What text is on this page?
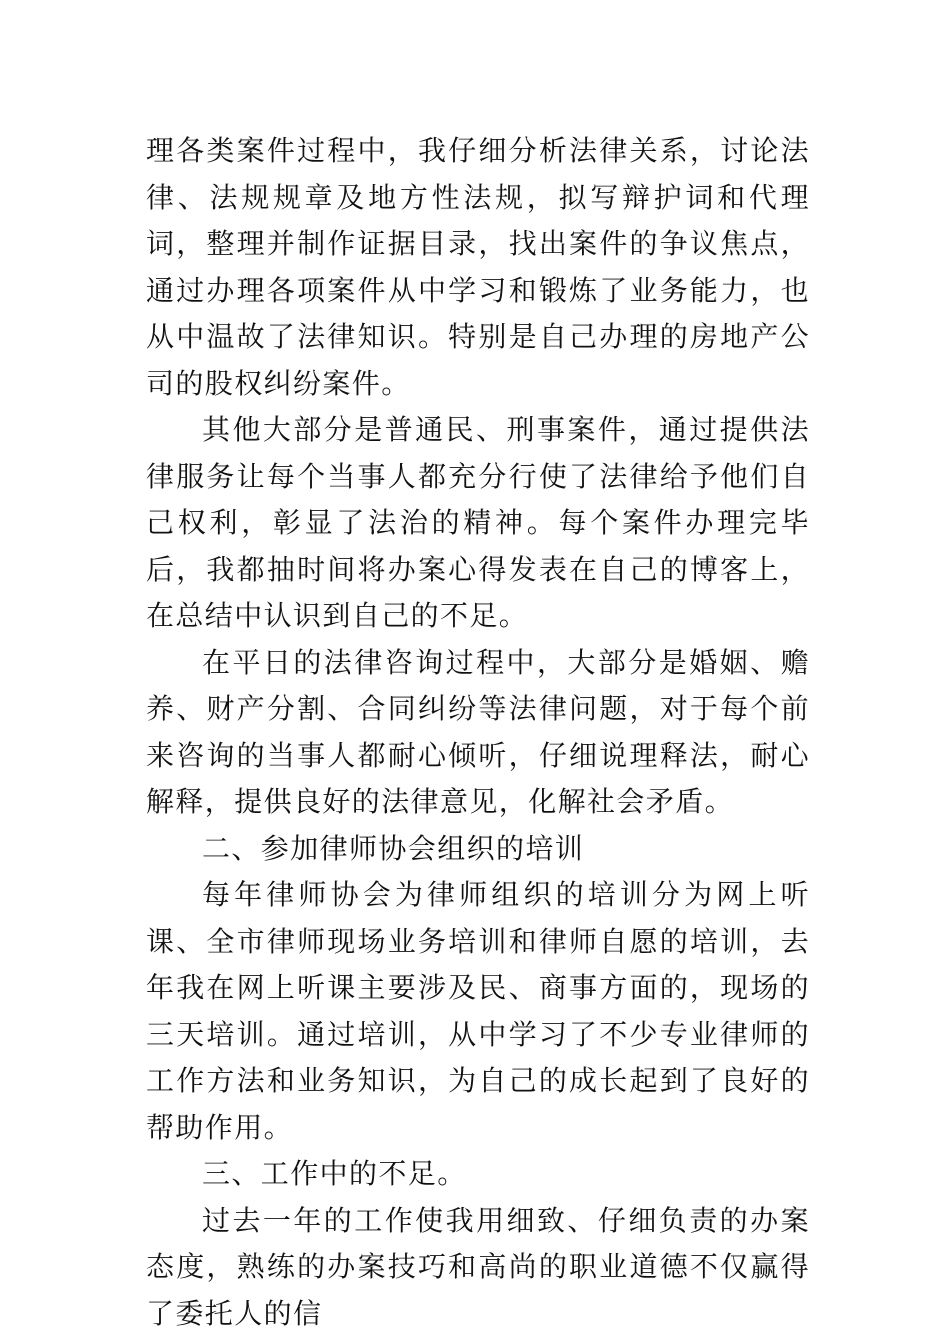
理各类案件过程中，我仔细分析法律关系，讨论法律、法规规章及地方性法规，拟写辩护词和代理词，整理并制作证据目录，找出案件的争议焦点，通过办理各项案件从中学习和锻炼了业务能力，也从中温故了法律知识。特别是自己办理的房地产公司的股权纠纷案件。

其他大部分是普通民、刑事案件，通过提供法律服务让每个当事人都充分行使了法律给予他们自己权利，彰显了法治的精神。每个案件办理完毕后，我都抽时间将办案心得发表在自己的博客上，在总结中认识到自己的不足。

在平日的法律咨询过程中，大部分是婚姻、赡养、财产分割、合同纠纷等法律问题，对于每个前来咨询的当事人都耐心倾听，仔细说理释法，耐心解释，提供良好的法律意见，化解社会矛盾。

二、参加律师协会组织的培训

每年律师协会为律师组织的培训分为网上听课、全市律师现场业务培训和律师自愿的培训，去年我在网上听课主要涉及民、商事方面的，现场的三天培训。通过培训，从中学习了不少专业律师的工作方法和业务知识，为自己的成长起到了良好的帮助作用。

三、工作中的不足。

过去一年的工作使我用细致、仔细负责的办案态度，熟练的办案技巧和高尚的职业道德不仅赢得了委托人的信
